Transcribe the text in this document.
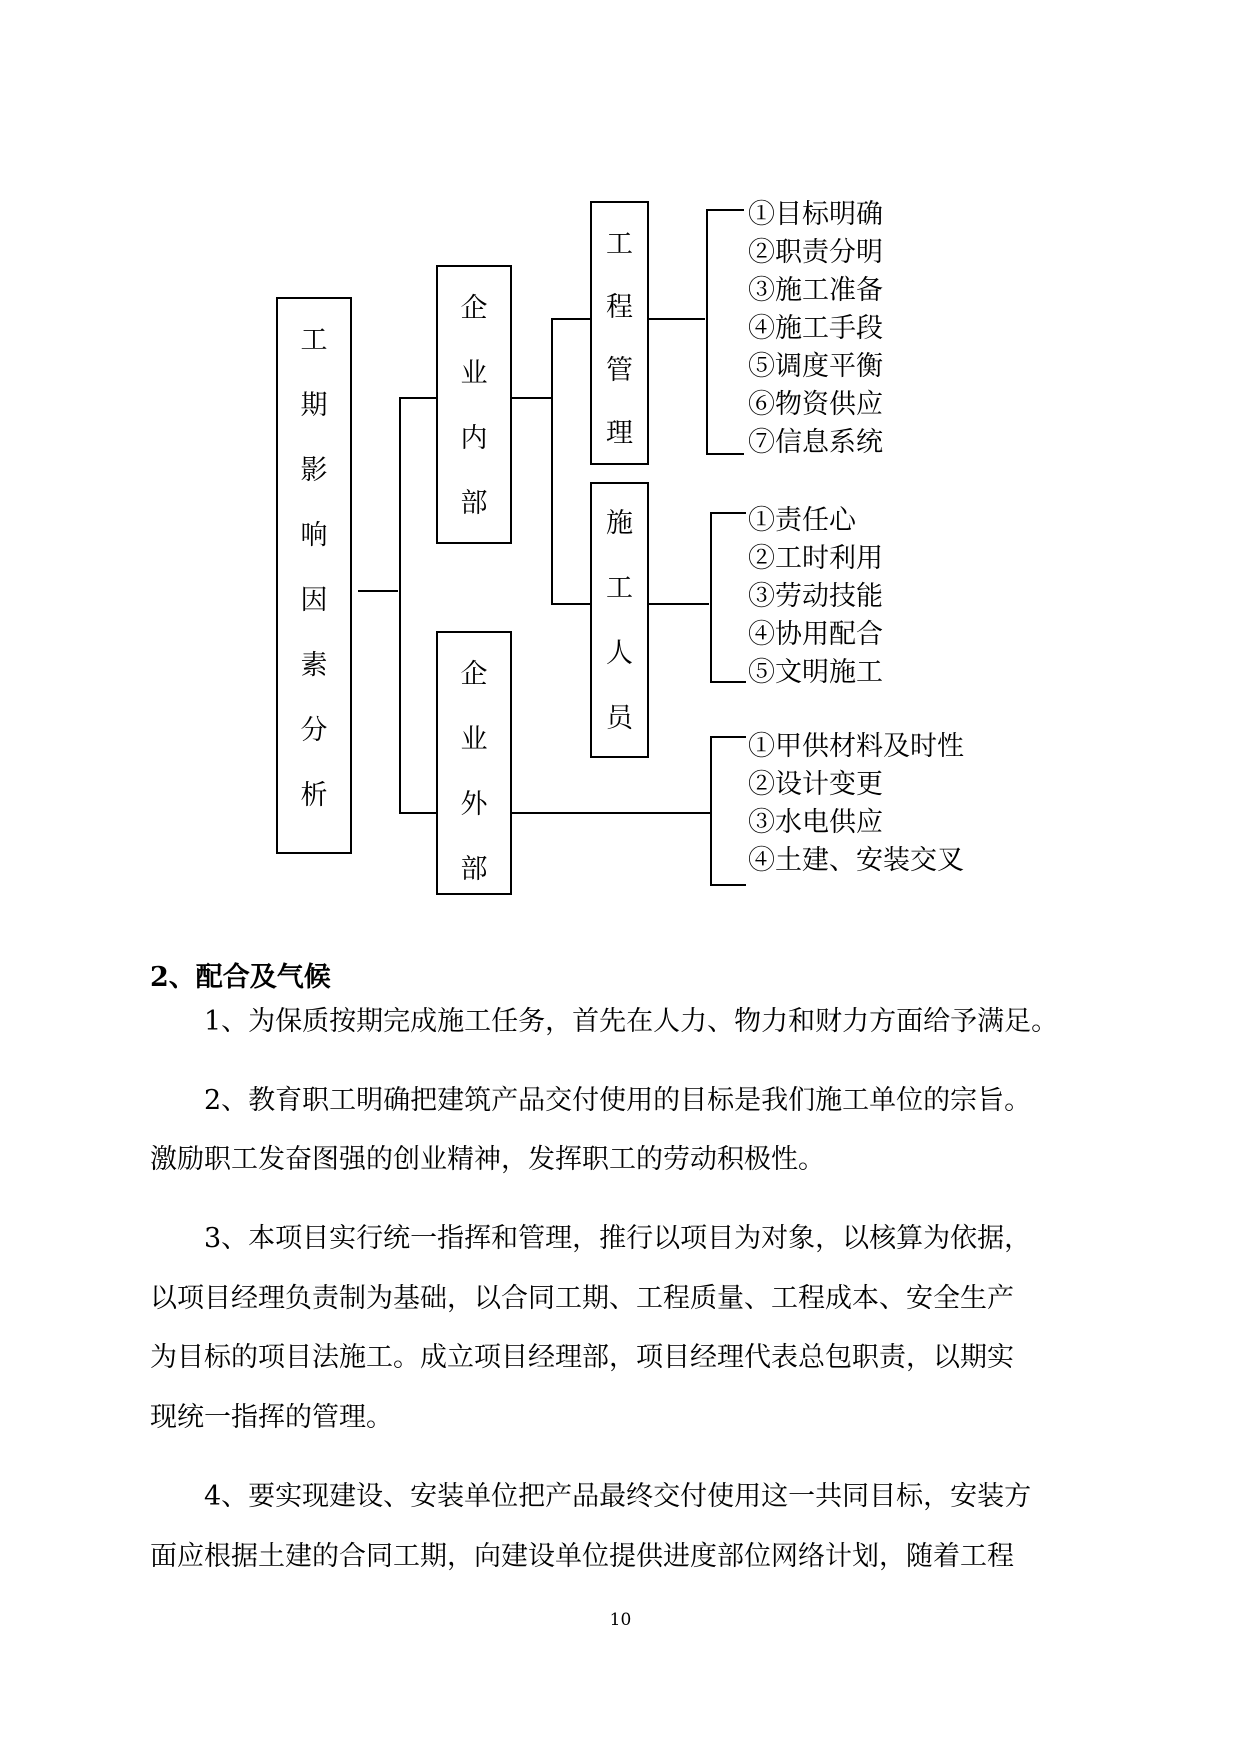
工
期
影
响
因
素
分
析
企
业
内
部
企
业
外
部
工
程
管
理
施
工
人
员
①目标明确
②职责分明
③施工准备
④施工手段
⑤调度平衡
⑥物资供应
⑦信息系统
①责任心
②工时利用
③劳动技能
④协用配合
⑤文明施工
①甲供材料及时性
②设计变更
③水电供应
④土建、安装交叉
2、配合及气候
　　1、为保质按期完成施工任务，首先在人力、物力和财力方面给予满足。
　　2、教育职工明确把建筑产品交付使用的目标是我们施工单位的宗旨。
激励职工发奋图强的创业精神，发挥职工的劳动积极性。
　　3、本项目实行统一指挥和管理，推行以项目为对象，以核算为依据，
以项目经理负责制为基础，以合同工期、工程质量、工程成本、安全生产
为目标的项目法施工。成立项目经理部，项目经理代表总包职责，以期实
现统一指挥的管理。
　　4、要实现建设、安装单位把产品最终交付使用这一共同目标，安装方
面应根据土建的合同工期，向建设单位提供进度部位网络计划，随着工程
10
